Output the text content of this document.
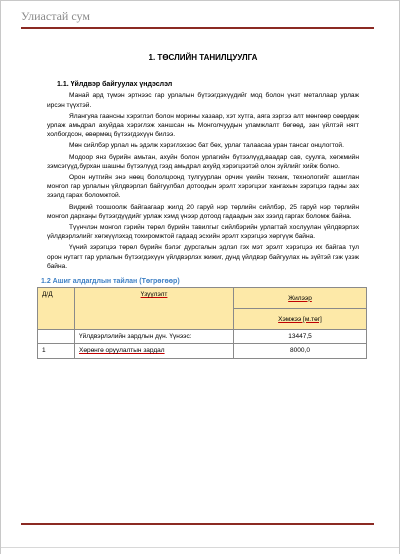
Улиастай сум
1. ТӨСЛИЙН ТАНИЛЦУУЛГА
1.1. Үйлдвэр байгуулах үндэслэл

Манай ард түмэн эртнээс гар урлалын бүтээгдэхүүдийг мод болон үнэт металлаар урлаж ирсэн түүхтэй.

Ялангуяа гаансны хэрэглэл болон морины хазаар, хэт хутга, аяга зэргээ алт мөнгөөр сөөрдөж урлаж амьдрал ахуйдаа хэрэглэж ханшсан нь Монголчуудын уламжлалт бөгөөд, зан үйлтэй нягт холбогдсон, өвөрмөц бүтээгдэхүүн билээ.

Мөн сийлбэр урлал нь эдэлж хэрэглэхээс бат бөх, урлаг талаасаа уран тансаг онцлогтой.

Модоор янз бүрийн амьтан, ахуйн болон урлагийн бүтээлүүд,ваадар сав, суулга, хөгжмийн зэмсэгүүд,бурхан шашны бүтээлүүд гээд амьдрал ахуйд хэрэгцээтэй олон зүйлийг хийж болно.

Орон нутгийн энэ нөөц бололцоонд тулгуурлан орчин үеийн техник, технологийг ашиглан монгол гар урлалын үйлдвэрлэл байгуулбал дотоодын эрэлт хэрэгцээг хангахын зэрэгцээ гадны зах зээлд гарах боломжтой.

Виджий тоошоолж байгаагаар жилд 20 гаруй нэр төрлийн сийлбэр, 25 гаруй нэр төрлийн монгол дархаңы бүтээгдүүдийг урлаж хэмд үнээр дотоод гадаадын зах зээлд гаргах боломж байна.

Түүнчлэн монгол гэрийн төрөл бүрийн тавилгыг сийлбэрийн урлагтай хослуулан үйлдвэрлэх үйлдвэрлэлийг хөгжүүлэхэд тохиромжтой гадаад эсхийн эрэлт хэрэгцээ хөргүүж байна.

Үүний зэрэгцээ төрөл бүрийн бэлэг дурсгалын эдлэл гэх мэт эрэлт хэрэгцээ их байгаа тул орон нутагт гар урлалын бүтээгдэхүүн үйлдвэрлэх жижиг, дунд үйлдвэр байгуулах нь зүйтэй гэж үзэж байна.

1.2 Ашиг алдагдлын тайлан (Төгрөгөөр)
Д/Д	Үзүүлэлт	Жилээр
		Хэмжээ [м.төг]
	Үйлдвэрлэлийн зардлын дүн. Үүнээс:	13447,5
1	Хөрөнгө оруулалтын зардал	8000,0
